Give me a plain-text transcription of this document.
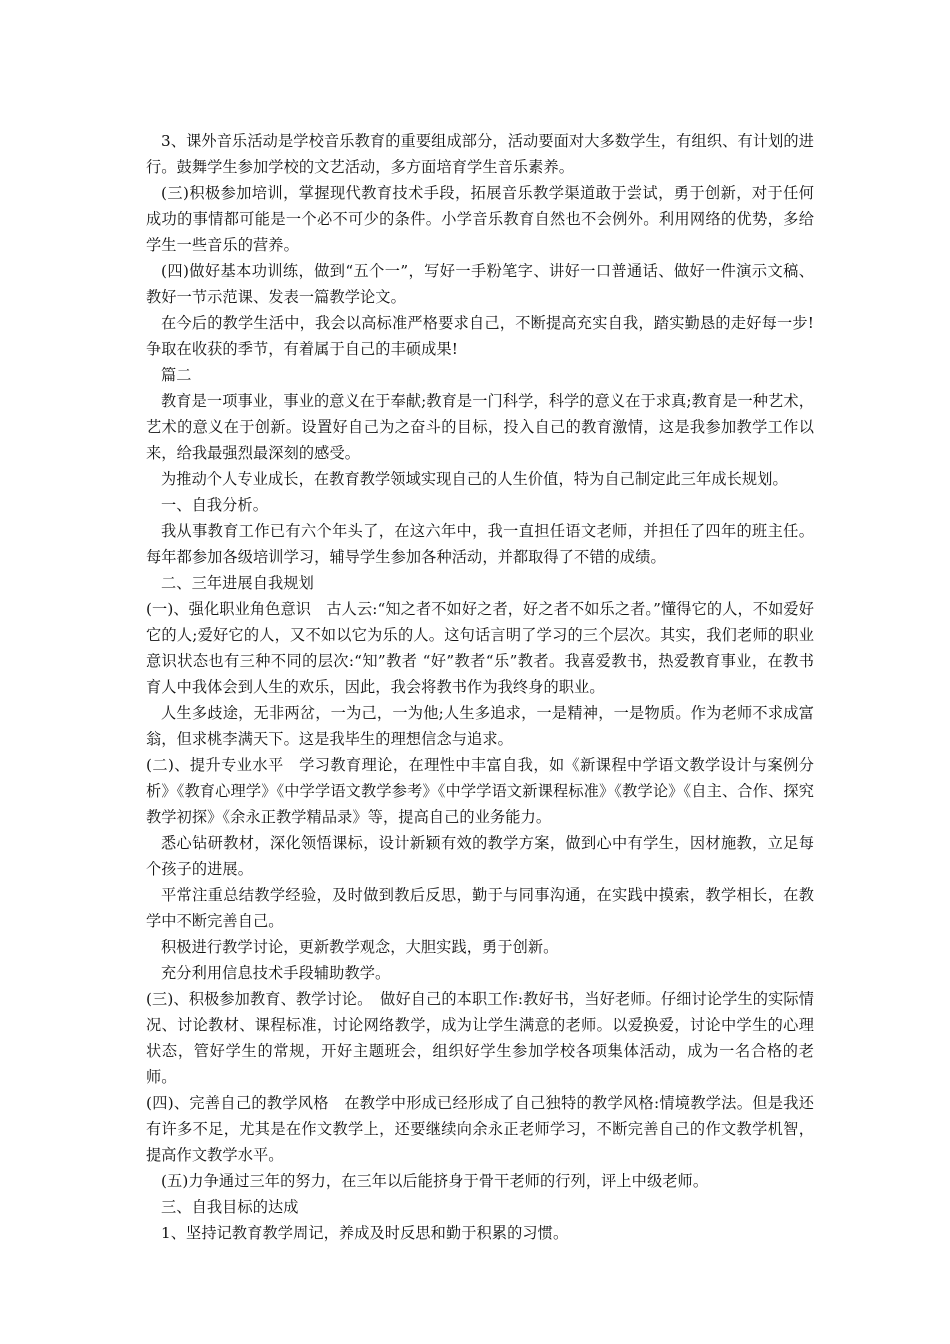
3、课外音乐活动是学校音乐教育的重要组成部分，活动要面对大多数学生，有组织、有计划的进行。鼓舞学生参加学校的文艺活动，多方面培育学生音乐素养。

(三)积极参加培训，掌握现代教育技术手段，拓展音乐教学渠道敢于尝试，勇于创新，对于任何成功的事情都可能是一个必不可少的条件。小学音乐教育自然也不会例外。利用网络的优势，多给学生一些音乐的营养。

(四)做好基本功训练，做到“五个一”，写好一手粉笔字、讲好一口普通话、做好一件演示文稿、教好一节示范课、发表一篇教学论文。

在今后的教学生活中，我会以高标准严格要求自己，不断提高充实自我，踏实勤恳的走好每一步!争取在收获的季节，有着属于自己的丰硕成果!

篇二

教育是一项事业，事业的意义在于奉献;教育是一门科学，科学的意义在于求真;教育是一种艺术，艺术的意义在于创新。设置好自己为之奋斗的目标，投入自己的教育激情，这是我参加教学工作以来，给我最强烈最深刻的感受。

为推动个人专业成长，在教育教学领域实现自己的人生价值，特为自己制定此三年成长规划。

一、自我分析。

我从事教育工作已有六个年头了，在这六年中，我一直担任语文老师，并担任了四年的班主任。每年都参加各级培训学习，辅导学生参加各种活动，并都取得了不错的成绩。

二、三年进展自我规划

(一)、强化职业角色意识　古人云:“知之者不如好之者，好之者不如乐之者。”懂得它的人，不如爱好它的人;爱好它的人，又不如以它为乐的人。这句话言明了学习的三个层次。其实，我们老师的职业意识状态也有三种不同的层次:“知”教者 “好”教者“乐”教者。我喜爱教书，热爱教育事业，在教书育人中我体会到人生的欢乐，因此，我会将教书作为我终身的职业。

人生多歧途，无非两岔，一为己，一为他;人生多追求，一是精神，一是物质。作为老师不求成富翁，但求桃李满天下。这是我毕生的理想信念与追求。

(二)、提升专业水平　学习教育理论，在理性中丰富自我，如《新课程中学语文教学设计与案例分析》《教育心理学》《中学学语文教学参考》《中学学语文新课程标准》《教学论》《自主、合作、探究教学初探》《余永正教学精品录》等，提高自己的业务能力。

悉心钻研教材，深化领悟课标，设计新颖有效的教学方案，做到心中有学生，因材施教，立足每个孩子的进展。

平常注重总结教学经验，及时做到教后反思，勤于与同事沟通，在实践中摸索，教学相长，在教学中不断完善自己。

积极进行教学讨论，更新教学观念，大胆实践，勇于创新。

充分利用信息技术手段辅助教学。

(三)、积极参加教育、教学讨论。　做好自己的本职工作:教好书，当好老师。仔细讨论学生的实际情况、讨论教材、课程标准，讨论网络教学，成为让学生满意的老师。以爱换爱，讨论中学生的心理状态，管好学生的常规，开好主题班会，组织好学生参加学校各项集体活动，成为一名合格的老师。

(四)、完善自己的教学风格　在教学中形成已经形成了自己独特的教学风格:情境教学法。但是我还有许多不足，尤其是在作文教学上，还要继续向余永正老师学习，不断完善自己的作文教学机智，提高作文教学水平。

(五)力争通过三年的努力，在三年以后能挤身于骨干老师的行列，评上中级老师。

三、自我目标的达成

1、坚持记教育教学周记，养成及时反思和勤于积累的习惯。
